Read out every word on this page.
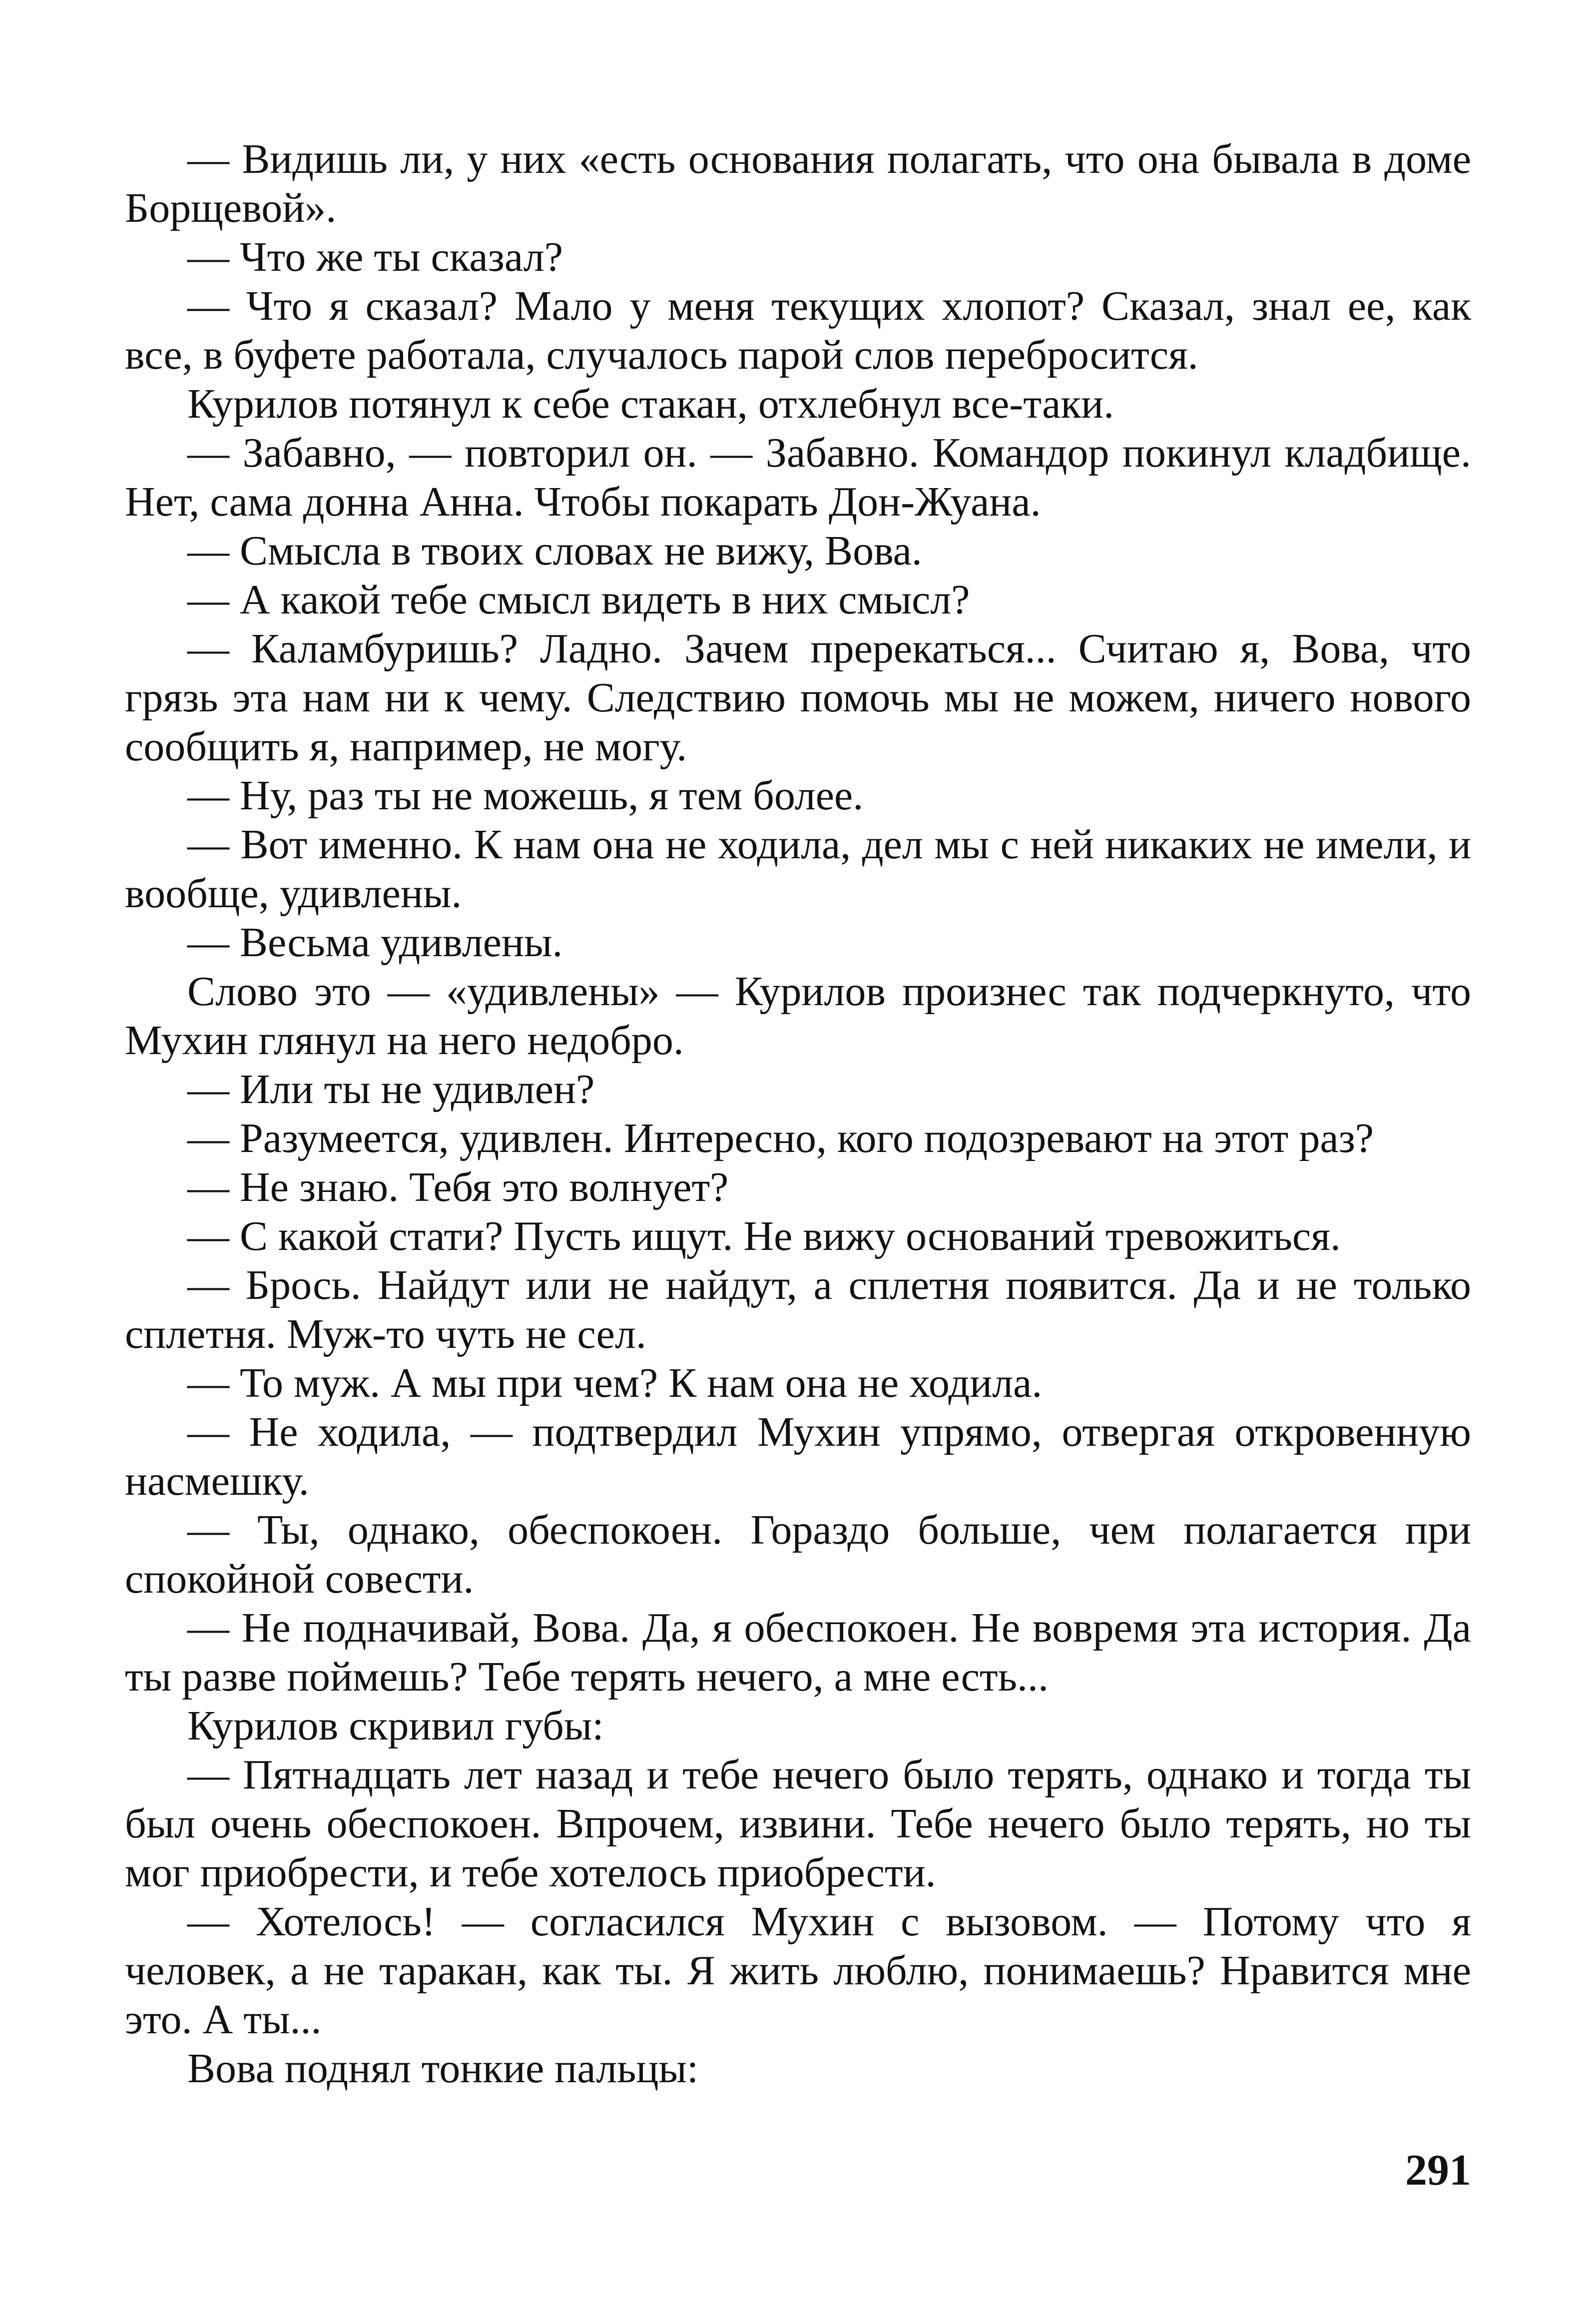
— Видишь ли, у них «есть основания полагать, что она бывала в доме Борщевой».

— Что же ты сказал?

— Что я сказал? Мало у меня текущих хлопот? Сказал, знал ее, как все, в буфете работала, случалось парой слов перебросится.

Курилов потянул к себе стакан, отхлебнул все-таки.

— Забавно, — повторил он. — Забавно. Командор покинул кладбище. Нет, сама донна Анна. Чтобы покарать Дон-Жуана.

— Смысла в твоих словах не вижу, Вова.

— А какой тебе смысл видеть в них смысл?

— Каламбуришь? Ладно. Зачем пререкаться... Считаю я, Вова, что грязь эта нам ни к чему. Следствию помочь мы не можем, ничего нового сообщить я, например, не могу.

— Ну, раз ты не можешь, я тем более.

— Вот именно. К нам она не ходила, дел мы с ней никаких не имели, и вообще, удивлены.

— Весьма удивлены.

Слово это — «удивлены» — Курилов произнес так подчеркнуто, что Мухин глянул на него недобро.

— Или ты не удивлен?

— Разумеется, удивлен. Интересно, кого подозревают на этот раз?

— Не знаю. Тебя это волнует?

— С какой стати? Пусть ищут. Не вижу оснований тревожиться.

— Брось. Найдут или не найдут, а сплетня появится. Да и не только сплетня. Муж-то чуть не сел.

— То муж. А мы при чем? К нам она не ходила.

— Не ходила, — подтвердил Мухин упрямо, отвергая откровенную насмешку.

— Ты, однако, обеспокоен. Гораздо больше, чем полагается при спокойной совести.

— Не подначивай, Вова. Да, я обеспокоен. Не вовремя эта история. Да ты разве поймешь? Тебе терять нечего, а мне есть...

Курилов скривил губы:

— Пятнадцать лет назад и тебе нечего было терять, однако и тогда ты был очень обеспокоен. Впрочем, извини. Тебе нечего было терять, но ты мог приобрести, и тебе хотелось приобрести.

— Хотелось! — согласился Мухин с вызовом. — Потому что я человек, а не таракан, как ты. Я жить люблю, понимаешь? Нравится мне это. А ты...

Вова поднял тонкие пальцы:

291
